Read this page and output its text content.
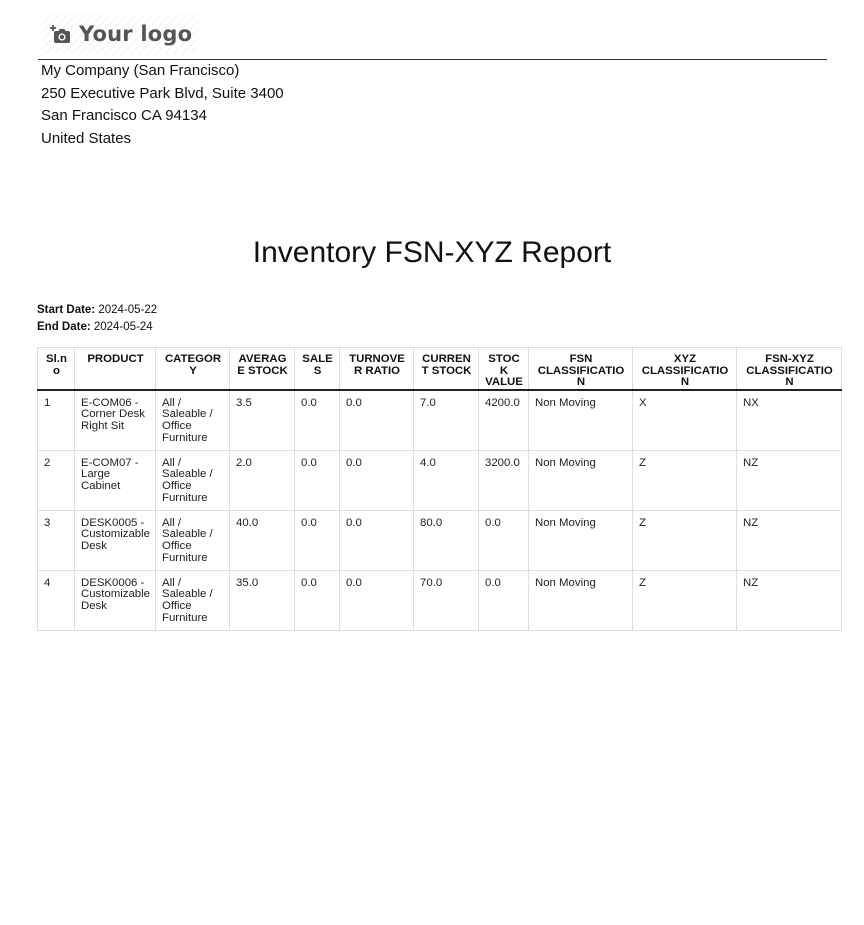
Your logo
My Company (San Francisco)
250 Executive Park Blvd, Suite 3400
San Francisco CA 94134
United States
Inventory FSN-XYZ Report
Start Date: 2024-05-22
End Date: 2024-05-24
Sl.no	PRODUCT	CATEGORY	AVERAGE STOCK	SALES	TURNOVER RATIO	CURRENT STOCK	STOCK VALUE	FSN CLASSIFICATION	XYZ CLASSIFICATION	FSN-XYZ CLASSIFICATION
1	E-COM06 - Corner Desk Right Sit	All / Saleable / Office Furniture	3.5	0.0	0.0	7.0	4200.0	Non Moving	X	NX
2	E-COM07 - Large Cabinet	All / Saleable / Office Furniture	2.0	0.0	0.0	4.0	3200.0	Non Moving	Z	NZ
3	DESK0005 - Customizable Desk	All / Saleable / Office Furniture	40.0	0.0	0.0	80.0	0.0	Non Moving	Z	NZ
4	DESK0006 - Customizable Desk	All / Saleable / Office Furniture	35.0	0.0	0.0	70.0	0.0	Non Moving	Z	NZ
